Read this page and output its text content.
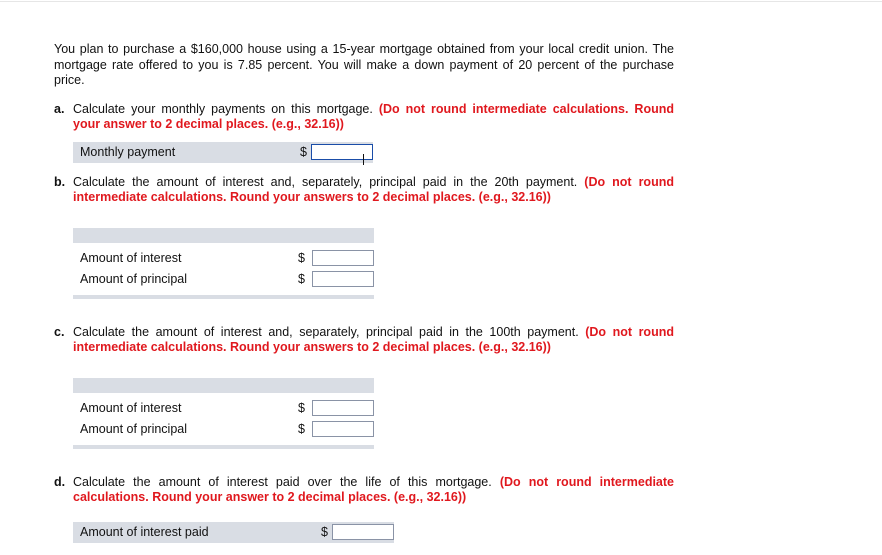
You plan to purchase a $160,000 house using a 15-year mortgage obtained from your local credit union. The mortgage rate offered to you is 7.85 percent. You will make a down payment of 20 percent of the purchase price.

a. Calculate your monthly payments on this mortgage. (Do not round intermediate calculations. Round your answer to 2 decimal places. (e.g., 32.16))
Monthly payment	$
b. Calculate the amount of interest and, separately, principal paid in the 20th payment. (Do not round intermediate calculations. Round your answers to 2 decimal places. (e.g., 32.16))
Amount of interest	$
Amount of principal	$
c. Calculate the amount of interest and, separately, principal paid in the 100th payment. (Do not round intermediate calculations. Round your answers to 2 decimal places. (e.g., 32.16))
Amount of interest	$
Amount of principal	$
d. Calculate the amount of interest paid over the life of this mortgage. (Do not round intermediate calculations. Round your answer to 2 decimal places. (e.g., 32.16))
Amount of interest paid	$
